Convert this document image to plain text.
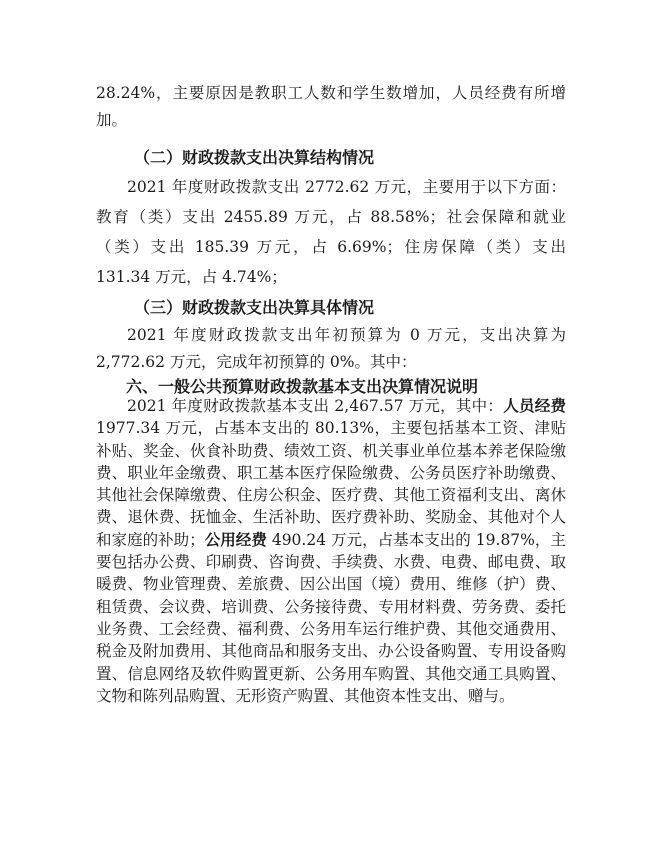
28.24%，主要原因是教职工人数和学生数增加，人员经费有所增加。
（二）财政拨款支出决算结构情况
2021 年度财政拨款支出 2772.62 万元，主要用于以下方面：教育（类）支出 2455.89 万元，占 88.58%；社会保障和就业（类）支出 185.39 万元，占 6.69%；住房保障（类）支出 131.34 万元，占 4.74%；
（三）财政拨款支出决算具体情况
2021 年度财政拨款支出年初预算为 0 万元，支出决算为 2,772.62 万元，完成年初预算的 0%。其中：
六、一般公共预算财政拨款基本支出决算情况说明
2021 年度财政拨款基本支出 2,467.57 万元，其中：人员经费 1977.34 万元，占基本支出的 80.13%，主要包括基本工资、津贴补贴、奖金、伙食补助费、绩效工资、机关事业单位基本养老保险缴费、职业年金缴费、职工基本医疗保险缴费、公务员医疗补助缴费、其他社会保障缴费、住房公积金、医疗费、其他工资福利支出、离休费、退休费、抚恤金、生活补助、医疗费补助、奖励金、其他对个人和家庭的补助；公用经费 490.24 万元，占基本支出的 19.87%，主要包括办公费、印刷费、咨询费、手续费、水费、电费、邮电费、取暖费、物业管理费、差旅费、因公出国（境）费用、维修（护）费、租赁费、会议费、培训费、公务接待费、专用材料费、劳务费、委托业务费、工会经费、福利费、公务用车运行维护费、其他交通费用、税金及附加费用、其他商品和服务支出、办公设备购置、专用设备购置、信息网络及软件购置更新、公务用车购置、其他交通工具购置、文物和陈列品购置、无形资产购置、其他资本性支出、赠与。
